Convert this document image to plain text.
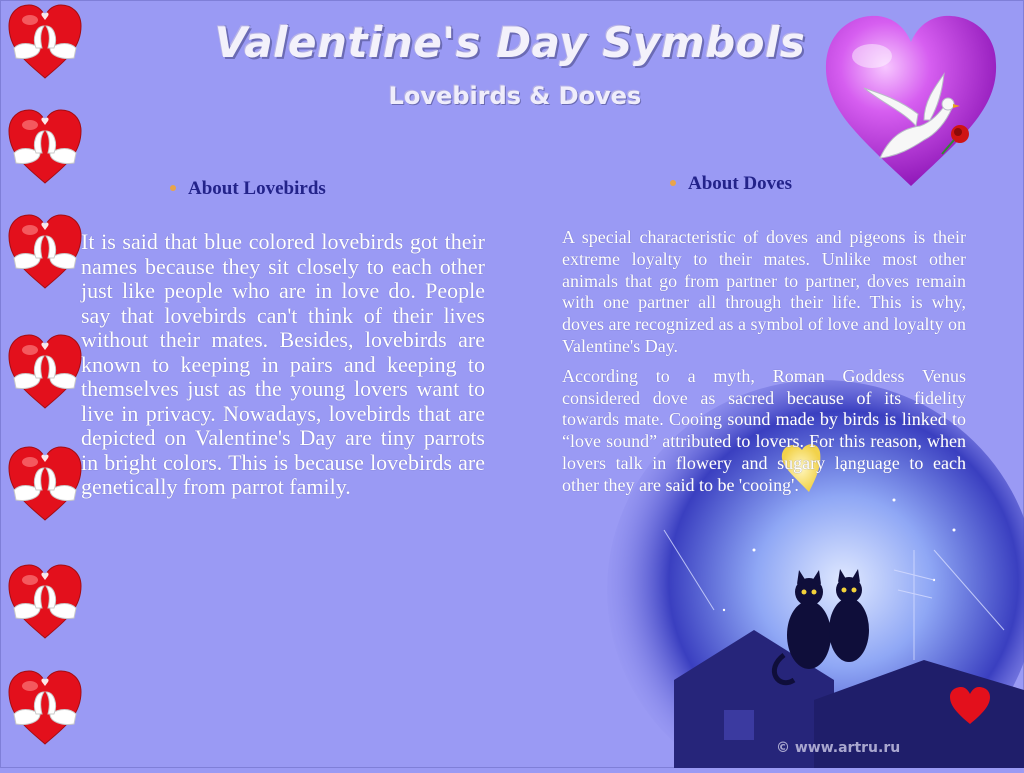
Valentine's Day Symbols
Lovebirds & Doves
About Lovebirds

It is said that blue colored lovebirds got their names because they sit closely to each other just like people who are in love do. People say that lovebirds can't think of their lives without their mates. Besides, lovebirds are known to keeping in pairs and keeping to themselves just as the young lovers want to live in privacy. Nowadays, lovebirds that are depicted on Valentine's Day are tiny parrots in bright colors. This is because lovebirds are genetically from parrot family.

About Doves

A special characteristic of doves and pigeons is their extreme loyalty to their mates. Unlike most other animals that go from partner to partner, doves remain with one partner all through their life. This is why, doves are recognized as a symbol of love and loyalty on Valentine's Day.

According to a myth, Roman Goddess Venus considered dove as sacred because of its fidelity towards mate. Cooing sound made by birds is linked to “love sound” attributed to lovers. For this reason, when lovers talk in flowery and sugary language to each other they are said to be 'cooing'.

© www.artru.ru
